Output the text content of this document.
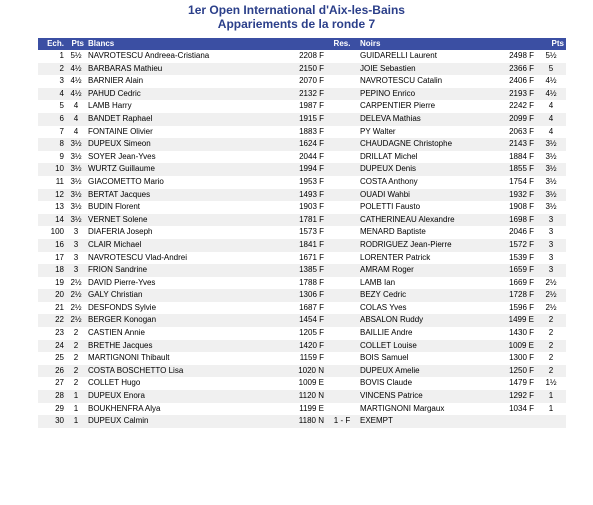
1er Open International d'Aix-les-Bains
Appariements de la ronde 7
Ech.	Pts	Blancs		Res.	Noirs		Pts
1	5½	NAVROTESCU Andreea-Cristiana	2208 F		GUIDARELLI Laurent	2498 F	5½
2	4½	BARBARAS Mathieu	2150 F		JOIE Sebastien	2366 F	5
3	4½	BARNIER Alain	2070 F		NAVROTESCU Catalin	2406 F	4½
4	4½	PAHUD Cedric	2132 F		PEPINO Enrico	2193 F	4½
5	4	LAMB Harry	1987 F		CARPENTIER Pierre	2242 F	4
6	4	BANDET Raphael	1915 F		DELEVA Mathias	2099 F	4
7	4	FONTAINE Olivier	1883 F		PY Walter	2063 F	4
8	3½	DUPEUX Simeon	1624 F		CHAUDAGNE Christophe	2143 F	3½
9	3½	SOYER Jean-Yves	2044 F		DRILLAT Michel	1884 F	3½
10	3½	WURTZ Guillaume	1994 F		DUPEUX Denis	1855 F	3½
11	3½	GIACOMETTO Mario	1953 F		COSTA Anthony	1754 F	3½
12	3½	BERTAT Jacques	1493 F		OUADI Wahbi	1932 F	3½
13	3½	BUDIN Florent	1903 F		POLETTI Fausto	1908 F	3½
14	3½	VERNET Solene	1781 F		CATHERINEAU Alexandre	1698 F	3
100	3	DIAFERIA Joseph	1573 F		MENARD Baptiste	2046 F	3
16	3	CLAIR Michael	1841 F		RODRIGUEZ Jean-Pierre	1572 F	3
17	3	NAVROTESCU Vlad-Andrei	1671 F		LORENTER Patrick	1539 F	3
18	3	FRION Sandrine	1385 F		AMRAM Roger	1659 F	3
19	2½	DAVID Pierre-Yves	1788 F		LAMB Ian	1669 F	2½
20	2½	GALY Christian	1306 F		BEZY Cedric	1728 F	2½
21	2½	DESFONDS Sylvie	1687 F		COLAS Yves	1596 F	2½
22	2½	BERGER Konogan	1454 F		ABSALON Ruddy	1499 E	2
23	2	CASTIEN Annie	1205 F		BAILLIE Andre	1430 F	2
24	2	BRETHE Jacques	1420 F		COLLET Louise	1009 E	2
25	2	MARTIGNONI Thibault	1159 F		BOIS Samuel	1300 F	2
26	2	COSTA BOSCHETTO Lisa	1020 N		DUPEUX Amelie	1250 F	2
27	2	COLLET Hugo	1009 E		BOVIS Claude	1479 F	1½
28	1	DUPEUX Enora	1120 N		VINCENS Patrice	1292 F	1
29	1	BOUKHENFRA Alya	1199 E		MARTIGNONI Margaux	1034 F	1
30	1	DUPEUX Calmin	1180 N	1 - F	EXEMPT		
